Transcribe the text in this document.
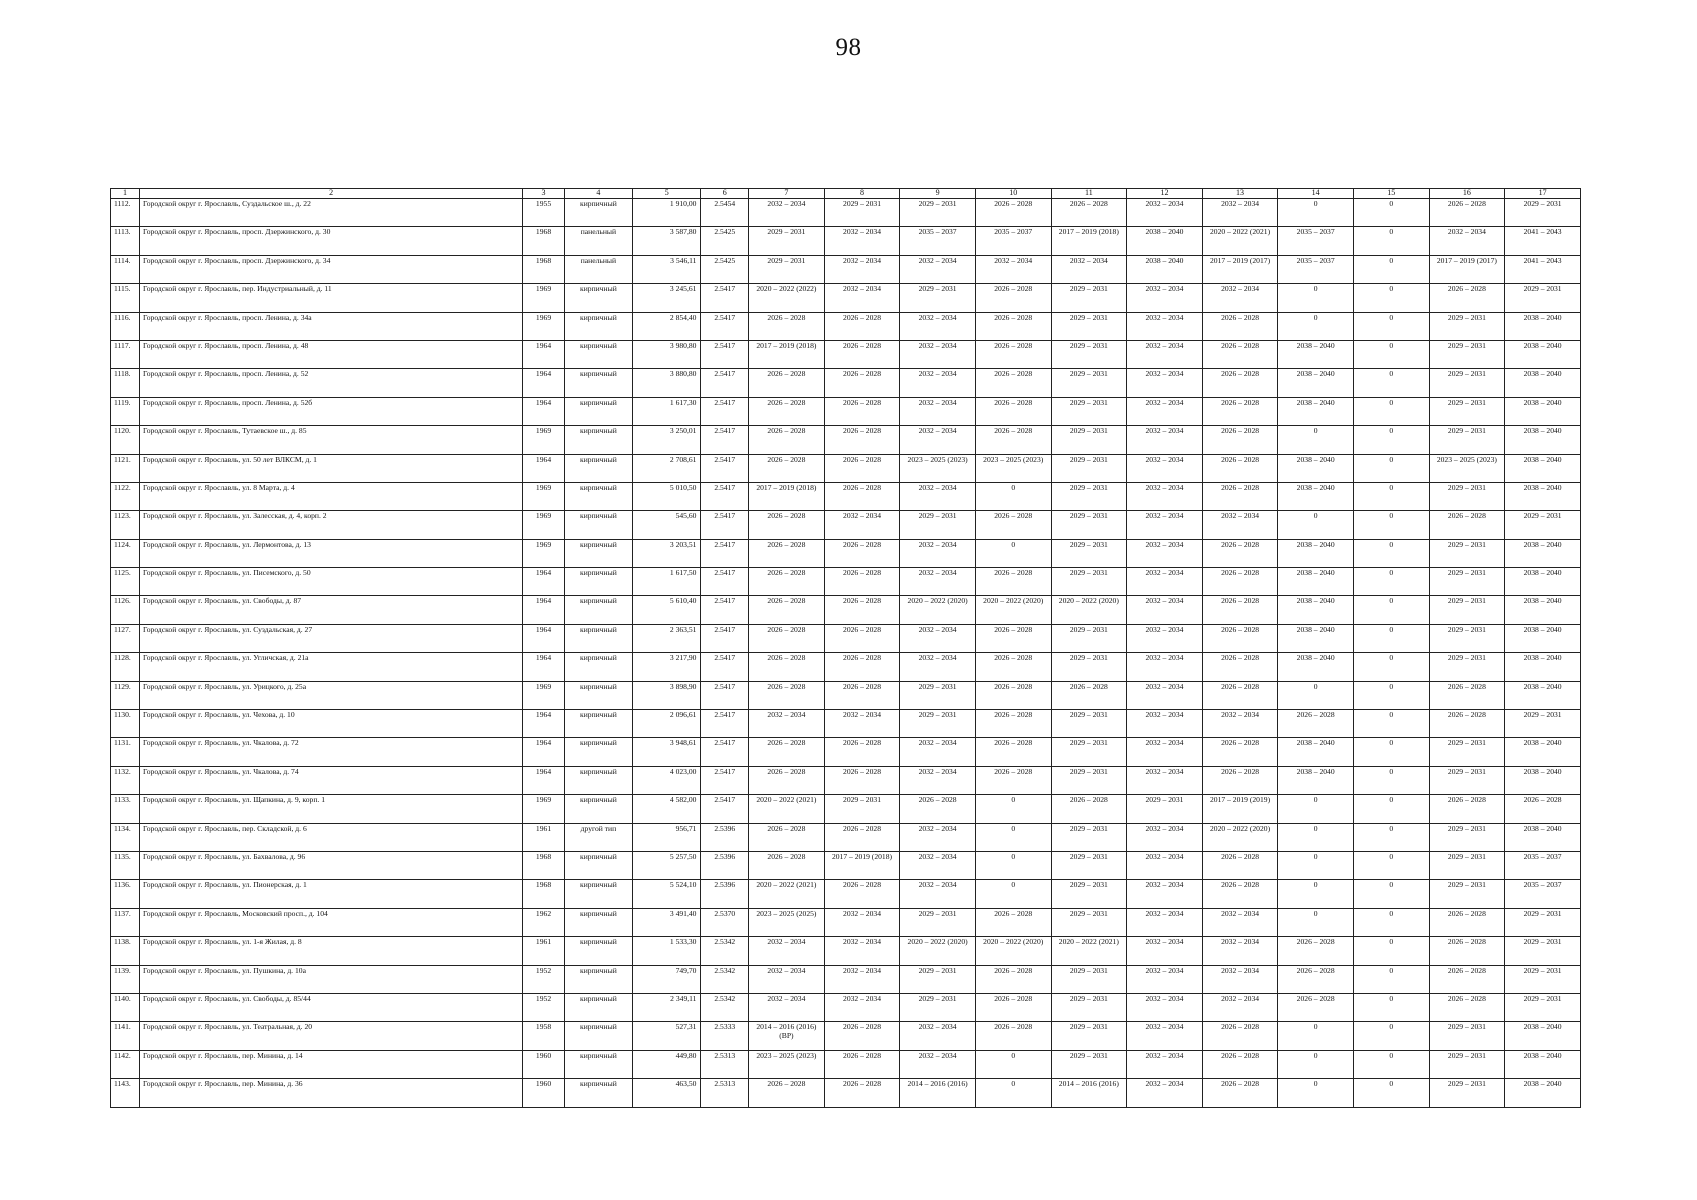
98
1	2	3	4	5	6	7	8	9	10	11	12	13	14	15	16	17
1112.	Городской округ г. Ярославль, Суздальское ш., д. 22	1955	кирпичный	1 910,00	2.5454	2032 – 2034	2029 – 2031	2029 – 2031	2026 – 2028	2026 – 2028	2032 – 2034	2032 – 2034	0	0	2026 – 2028	2029 – 2031
1113.	Городской округ г. Ярославль, просп. Дзержинского, д. 30	1968	панельный	3 587,80	2.5425	2029 – 2031	2032 – 2034	2035 – 2037	2035 – 2037	2017 – 2019 (2018)	2038 – 2040	2020 – 2022 (2021)	2035 – 2037	0	2032 – 2034	2041 – 2043
1114.	Городской округ г. Ярославль, просп. Дзержинского, д. 34	1968	панельный	3 546,11	2.5425	2029 – 2031	2032 – 2034	2032 – 2034	2032 – 2034	2032 – 2034	2038 – 2040	2017 – 2019 (2017)	2035 – 2037	0	2017 – 2019 (2017)	2041 – 2043
1115.	Городской округ г. Ярославль, пер. Индустриальный, д. 11	1969	кирпичный	3 245,61	2.5417	2020 – 2022 (2022)	2032 – 2034	2029 – 2031	2026 – 2028	2029 – 2031	2032 – 2034	2032 – 2034	0	0	2026 – 2028	2029 – 2031
1116.	Городской округ г. Ярославль, просп. Ленина, д. 34а	1969	кирпичный	2 854,40	2.5417	2026 – 2028	2026 – 2028	2032 – 2034	2026 – 2028	2029 – 2031	2032 – 2034	2026 – 2028	0	0	2029 – 2031	2038 – 2040
1117.	Городской округ г. Ярославль, просп. Ленина, д. 48	1964	кирпичный	3 980,80	2.5417	2017 – 2019 (2018)	2026 – 2028	2032 – 2034	2026 – 2028	2029 – 2031	2032 – 2034	2026 – 2028	2038 – 2040	0	2029 – 2031	2038 – 2040
1118.	Городской округ г. Ярославль, просп. Ленина, д. 52	1964	кирпичный	3 880,80	2.5417	2026 – 2028	2026 – 2028	2032 – 2034	2026 – 2028	2029 – 2031	2032 – 2034	2026 – 2028	2038 – 2040	0	2029 – 2031	2038 – 2040
1119.	Городской округ г. Ярославль, просп. Ленина, д. 52б	1964	кирпичный	1 617,30	2.5417	2026 – 2028	2026 – 2028	2032 – 2034	2026 – 2028	2029 – 2031	2032 – 2034	2026 – 2028	2038 – 2040	0	2029 – 2031	2038 – 2040
1120.	Городской округ г. Ярославль, Тутаевское ш., д. 85	1969	кирпичный	3 250,01	2.5417	2026 – 2028	2026 – 2028	2032 – 2034	2026 – 2028	2029 – 2031	2032 – 2034	2026 – 2028	0	0	2029 – 2031	2038 – 2040
1121.	Городской округ г. Ярославль, ул. 50 лет ВЛКСМ, д. 1	1964	кирпичный	2 708,61	2.5417	2026 – 2028	2026 – 2028	2023 – 2025 (2023)	2023 – 2025 (2023)	2029 – 2031	2032 – 2034	2026 – 2028	2038 – 2040	0	2023 – 2025 (2023)	2038 – 2040
1122.	Городской округ г. Ярославль, ул. 8 Марта, д. 4	1969	кирпичный	5 010,50	2.5417	2017 – 2019 (2018)	2026 – 2028	2032 – 2034	0	2029 – 2031	2032 – 2034	2026 – 2028	2038 – 2040	0	2029 – 2031	2038 – 2040
1123.	Городской округ г. Ярославль, ул. Залесская, д. 4, корп. 2	1969	кирпичный	545,60	2.5417	2026 – 2028	2032 – 2034	2029 – 2031	2026 – 2028	2029 – 2031	2032 – 2034	2032 – 2034	0	0	2026 – 2028	2029 – 2031
1124.	Городской округ г. Ярославль, ул. Лермонтова, д. 13	1969	кирпичный	3 203,51	2.5417	2026 – 2028	2026 – 2028	2032 – 2034	0	2029 – 2031	2032 – 2034	2026 – 2028	2038 – 2040	0	2029 – 2031	2038 – 2040
1125.	Городской округ г. Ярославль, ул. Писемского, д. 50	1964	кирпичный	1 617,50	2.5417	2026 – 2028	2026 – 2028	2032 – 2034	2026 – 2028	2029 – 2031	2032 – 2034	2026 – 2028	2038 – 2040	0	2029 – 2031	2038 – 2040
1126.	Городской округ г. Ярославль, ул. Свободы, д. 87	1964	кирпичный	5 610,40	2.5417	2026 – 2028	2026 – 2028	2020 – 2022 (2020)	2020 – 2022 (2020)	2020 – 2022 (2020)	2032 – 2034	2026 – 2028	2038 – 2040	0	2029 – 2031	2038 – 2040
1127.	Городской округ г. Ярославль, ул. Суздальская, д. 27	1964	кирпичный	2 363,51	2.5417	2026 – 2028	2026 – 2028	2032 – 2034	2026 – 2028	2029 – 2031	2032 – 2034	2026 – 2028	2038 – 2040	0	2029 – 2031	2038 – 2040
1128.	Городской округ г. Ярославль, ул. Угличская, д. 21а	1964	кирпичный	3 217,90	2.5417	2026 – 2028	2026 – 2028	2032 – 2034	2026 – 2028	2029 – 2031	2032 – 2034	2026 – 2028	2038 – 2040	0	2029 – 2031	2038 – 2040
1129.	Городской округ г. Ярославль, ул. Урицкого, д. 25а	1969	кирпичный	3 898,90	2.5417	2026 – 2028	2026 – 2028	2029 – 2031	2026 – 2028	2026 – 2028	2032 – 2034	2026 – 2028	0	0	2026 – 2028	2038 – 2040
1130.	Городской округ г. Ярославль, ул. Чехова, д. 10	1964	кирпичный	2 096,61	2.5417	2032 – 2034	2032 – 2034	2029 – 2031	2026 – 2028	2029 – 2031	2032 – 2034	2032 – 2034	2026 – 2028	0	2026 – 2028	2029 – 2031
1131.	Городской округ г. Ярославль, ул. Чкалова, д. 72	1964	кирпичный	3 948,61	2.5417	2026 – 2028	2026 – 2028	2032 – 2034	2026 – 2028	2029 – 2031	2032 – 2034	2026 – 2028	2038 – 2040	0	2029 – 2031	2038 – 2040
1132.	Городской округ г. Ярославль, ул. Чкалова, д. 74	1964	кирпичный	4 023,00	2.5417	2026 – 2028	2026 – 2028	2032 – 2034	2026 – 2028	2029 – 2031	2032 – 2034	2026 – 2028	2038 – 2040	0	2029 – 2031	2038 – 2040
1133.	Городской округ г. Ярославль, ул. Щапкина, д. 9, корп. 1	1969	кирпичный	4 582,00	2.5417	2020 – 2022 (2021)	2029 – 2031	2026 – 2028	0	2026 – 2028	2029 – 2031	2017 – 2019 (2019)	0	0	2026 – 2028	2026 – 2028
1134.	Городской округ г. Ярославль, пер. Складской, д. 6	1961	другой тип	956,71	2.5396	2026 – 2028	2026 – 2028	2032 – 2034	0	2029 – 2031	2032 – 2034	2020 – 2022 (2020)	0	0	2029 – 2031	2038 – 2040
1135.	Городской округ г. Ярославль, ул. Бахвалова, д. 96	1968	кирпичный	5 257,50	2.5396	2026 – 2028	2017 – 2019 (2018)	2032 – 2034	0	2029 – 2031	2032 – 2034	2026 – 2028	0	0	2029 – 2031	2035 – 2037
1136.	Городской округ г. Ярославль, ул. Пионерская, д. 1	1968	кирпичный	5 524,10	2.5396	2020 – 2022 (2021)	2026 – 2028	2032 – 2034	0	2029 – 2031	2032 – 2034	2026 – 2028	0	0	2029 – 2031	2035 – 2037
1137.	Городской округ г. Ярославль, Московский просп., д. 104	1962	кирпичный	3 491,40	2.5370	2023 – 2025 (2025)	2032 – 2034	2029 – 2031	2026 – 2028	2029 – 2031	2032 – 2034	2032 – 2034	0	0	2026 – 2028	2029 – 2031
1138.	Городской округ г. Ярославль, ул. 1-я Жилая, д. 8	1961	кирпичный	1 533,30	2.5342	2032 – 2034	2032 – 2034	2020 – 2022 (2020)	2020 – 2022 (2020)	2020 – 2022 (2021)	2032 – 2034	2032 – 2034	2026 – 2028	0	2026 – 2028	2029 – 2031
1139.	Городской округ г. Ярославль, ул. Пушкина, д. 10а	1952	кирпичный	749,70	2.5342	2032 – 2034	2032 – 2034	2029 – 2031	2026 – 2028	2029 – 2031	2032 – 2034	2032 – 2034	2026 – 2028	0	2026 – 2028	2029 – 2031
1140.	Городской округ г. Ярославль, ул. Свободы, д. 85/44	1952	кирпичный	2 349,11	2.5342	2032 – 2034	2032 – 2034	2029 – 2031	2026 – 2028	2029 – 2031	2032 – 2034	2032 – 2034	2026 – 2028	0	2026 – 2028	2029 – 2031
1141.	Городской округ г. Ярославль, ул. Театральная, д. 20	1958	кирпичный	527,31	2.5333	2014 – 2016 (2016) (ВР)	2026 – 2028	2032 – 2034	2026 – 2028	2029 – 2031	2032 – 2034	2026 – 2028	0	0	2029 – 2031	2038 – 2040
1142.	Городской округ г. Ярославль, пер. Минина, д. 14	1960	кирпичный	449,80	2.5313	2023 – 2025 (2023)	2026 – 2028	2032 – 2034	0	2029 – 2031	2032 – 2034	2026 – 2028	0	0	2029 – 2031	2038 – 2040
1143.	Городской округ г. Ярославль, пер. Минина, д. 36	1960	кирпичный	463,50	2.5313	2026 – 2028	2026 – 2028	2014 – 2016 (2016)	0	2014 – 2016 (2016)	2032 – 2034	2026 – 2028	0	0	2029 – 2031	2038 – 2040
